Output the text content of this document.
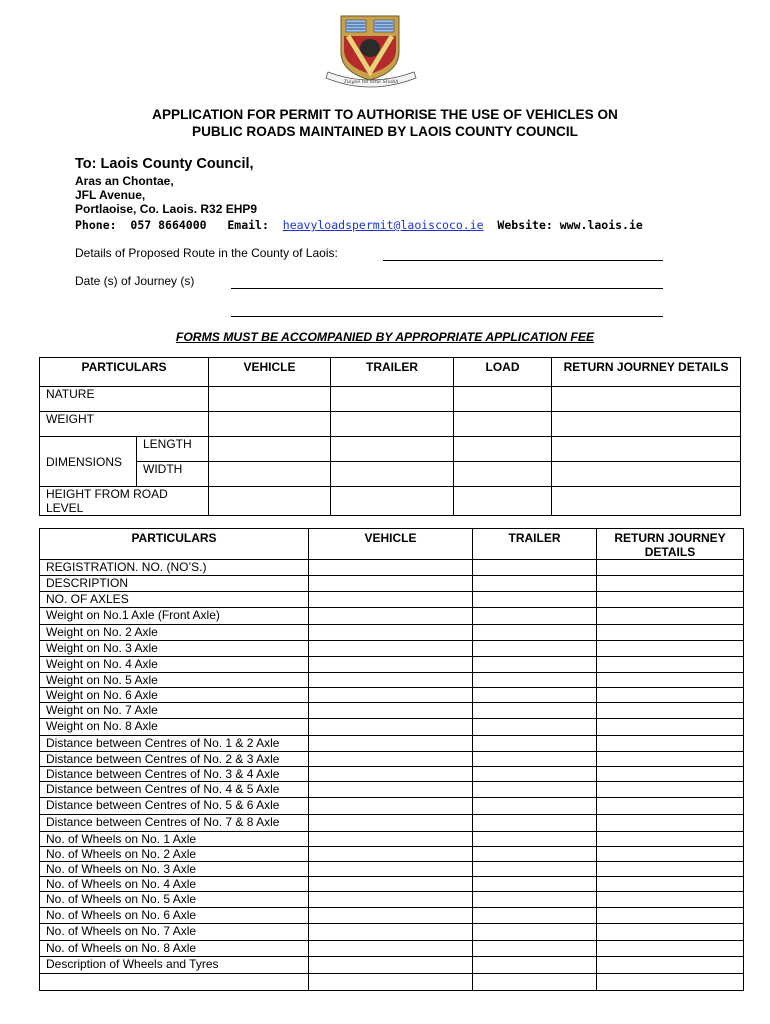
Tuigse na Sine Sliabh
APPLICATION FOR PERMIT TO AUTHORISE THE USE OF VEHICLES ON
PUBLIC ROADS MAINTAINED BY LAOIS COUNTY COUNCIL
To: Laois County Council,
Aras an Chontae,
JFL Avenue,
Portlaoise, Co. Laois. R32 EHP9
Phone: 057 8664000 Email: heavyloadspermit@laoiscoco.ie Website: www.laois.ie
Details of Proposed Route in the County of Laois:
Date (s) of Journey (s)
FORMS MUST BE ACCOMPANIED BY APPROPRIATE APPLICATION FEE
PARTICULARS		VEHICLE	TRAILER	LOAD	RETURN JOURNEY DETAILS
NATURE					
WEIGHT					
DIMENSIONS	LENGTH				
	WIDTH				
HEIGHT FROM ROAD LEVEL					
PARTICULARS	VEHICLE	TRAILER	RETURN JOURNEY DETAILS
REGISTRATION. NO. (NO’S.)			
DESCRIPTION			
NO. OF AXLES			
Weight on No.1 Axle (Front Axle)			
Weight on No. 2 Axle			
Weight on No. 3 Axle			
Weight on No. 4 Axle			
Weight on No. 5 Axle			
Weight on No. 6 Axle			
Weight on No. 7 Axle			
Weight on No. 8 Axle			
Distance between Centres of No. 1 & 2 Axle			
Distance between Centres of No. 2 & 3 Axle			
Distance between Centres of No. 3 & 4 Axle			
Distance between Centres of No. 4 & 5 Axle			
Distance between Centres of No. 5 & 6 Axle			
Distance between Centres of No. 7 & 8 Axle			
No. of Wheels on No. 1 Axle			
No. of Wheels on No. 2 Axle			
No. of Wheels on No. 3 Axle			
No. of Wheels on No. 4 Axle			
No. of Wheels on No. 5 Axle			
No. of Wheels on No. 6 Axle			
No. of Wheels on No. 7 Axle			
No. of Wheels on No. 8 Axle			
Description of Wheels and Tyres			
